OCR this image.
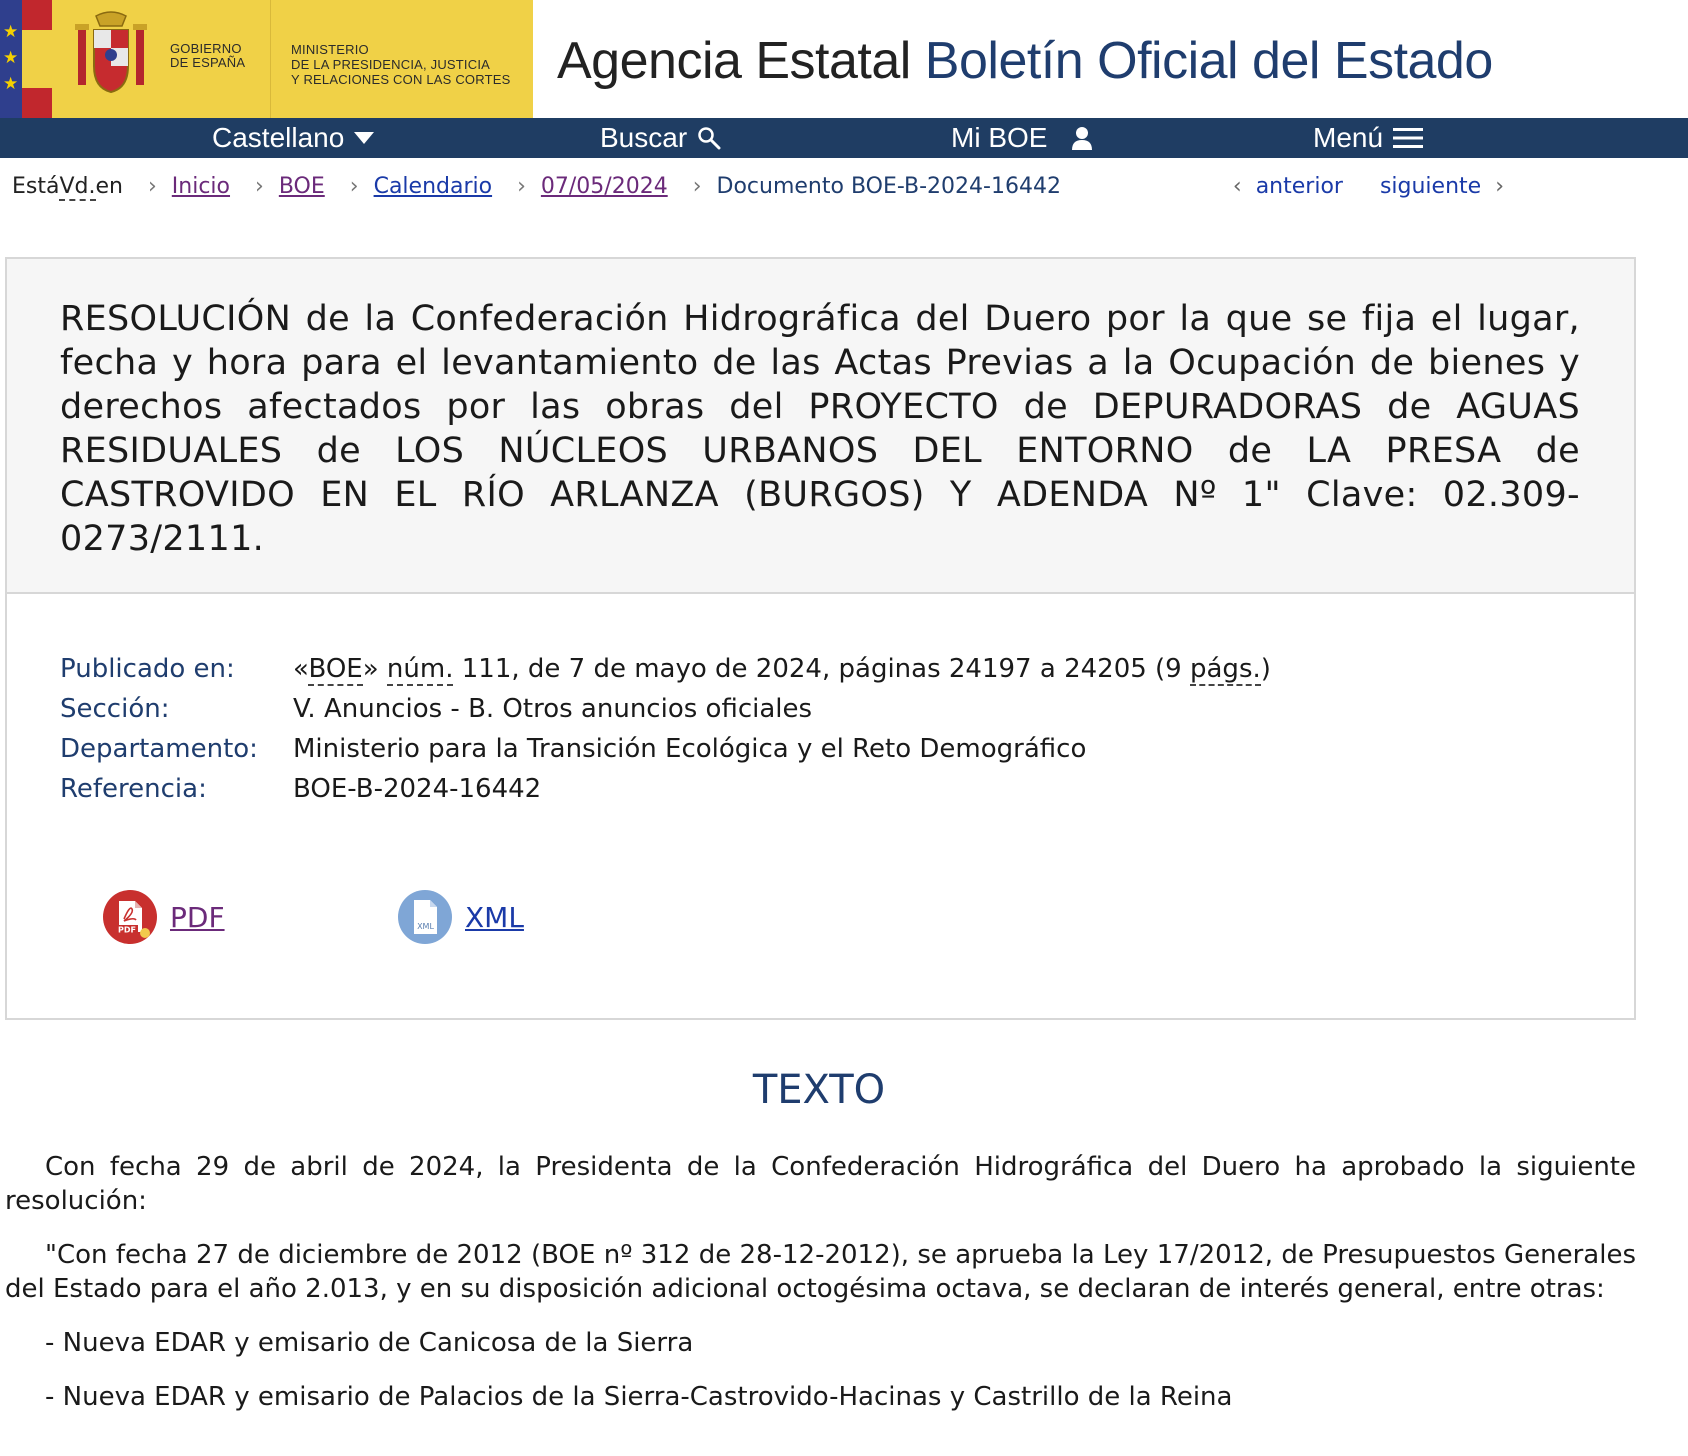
★
★
★
GOBIERNO
DE ESPAÑA
MINISTERIO
DE LA PRESIDENCIA, JUSTICIA
Y RELACIONES CON LAS CORTES Agencia Estatal Boletín Oficial del Estado
Castellano	Buscar	Mi BOE	Menú
EstáVd.en › Inicio › BOE › Calendario › 07/05/2024 › Documento BOE-B-2024-16442	‹ anterior siguiente ›
RESOLUCIÓN de la Confederación Hidrográfica del Duero por la que se fija el lugar, fecha y hora para el levantamiento de las Actas Previas a la Ocupación de bienes y derechos afectados por las obras del PROYECTO de DEPURADORAS de AGUAS RESIDUALES de LOS NÚCLEOS URBANOS DEL ENTORNO de LA PRESA de CASTROVIDO EN EL RÍO ARLANZA (BURGOS) Y ADENDA Nº 1" Clave: 02.309-0273/2111.
Publicado en:	«BOE» núm. 111, de 7 de mayo de 2024, páginas 24197 a 24205 (9 págs.)
Sección:	V. Anuncios - B. Otros anuncios oficiales
Departamento:	Ministerio para la Transición Ecológica y el Reto Demográfico
Referencia:	BOE-B-2024-16442
PDF PDF	XML XML
TEXTO

Con fecha 29 de abril de 2024, la Presidenta de la Confederación Hidrográfica del Duero ha aprobado la siguiente resolución:

"Con fecha 27 de diciembre de 2012 (BOE nº 312 de 28-12-2012), se aprueba la Ley 17/2012, de Presupuestos Generales del Estado para el año 2.013, y en su disposición adicional octogésima octava, se declaran de interés general, entre otras:

- Nueva EDAR y emisario de Canicosa de la Sierra

- Nueva EDAR y emisario de Palacios de la Sierra-Castrovido-Hacinas y Castrillo de la Reina
